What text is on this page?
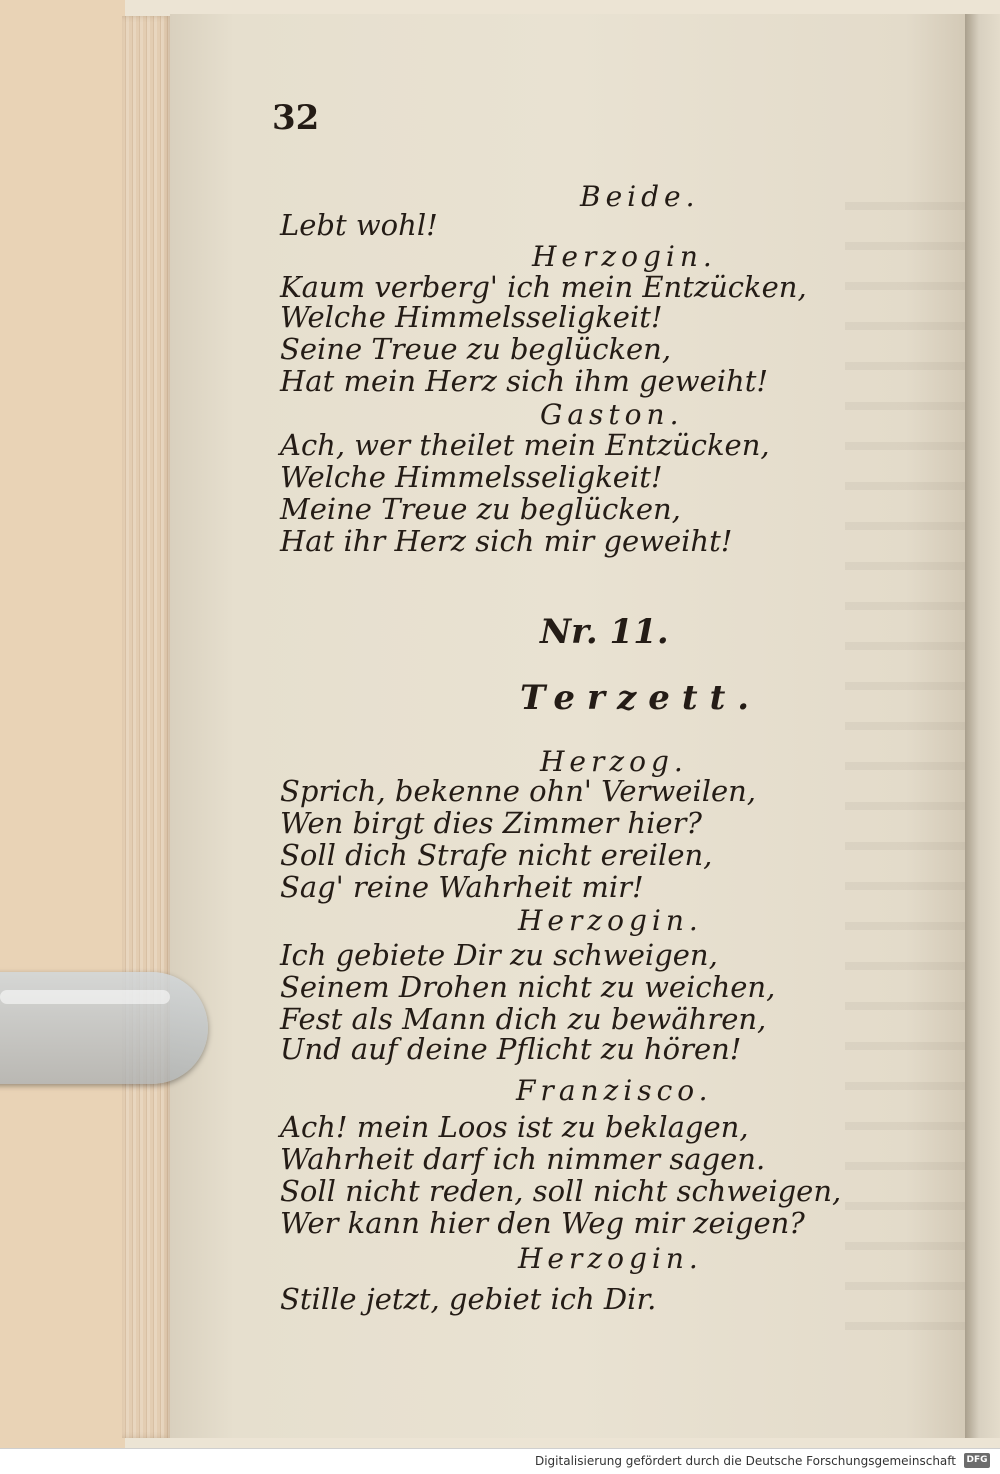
32
Beide.
Lebt wohl!
Herzogin.
Kaum verberg' ich mein Entzücken,
Welche Himmelsseligkeit!
Seine Treue zu beglücken,
Hat mein Herz sich ihm geweiht!
Gaston.
Ach, wer theilet mein Entzücken,
Welche Himmelsseligkeit!
Meine Treue zu beglücken,
Hat ihr Herz sich mir geweiht!
Nr. 11.
Terzett.
Herzog.
Sprich, bekenne ohn' Verweilen,
Wen birgt dies Zimmer hier?
Soll dich Strafe nicht ereilen,
Sag' reine Wahrheit mir!
Herzogin.
Ich gebiete Dir zu schweigen,
Seinem Drohen nicht zu weichen,
Fest als Mann dich zu bewähren,
Und auf deine Pflicht zu hören!
Franzisco.
Ach! mein Loos ist zu beklagen,
Wahrheit darf ich nimmer sagen.
Soll nicht reden, soll nicht schweigen,
Wer kann hier den Weg mir zeigen?
Herzogin.
Stille jetzt, gebiet ich Dir.
Digitalisierung gefördert durch die Deutsche Forschungsgemeinschaft DFG
